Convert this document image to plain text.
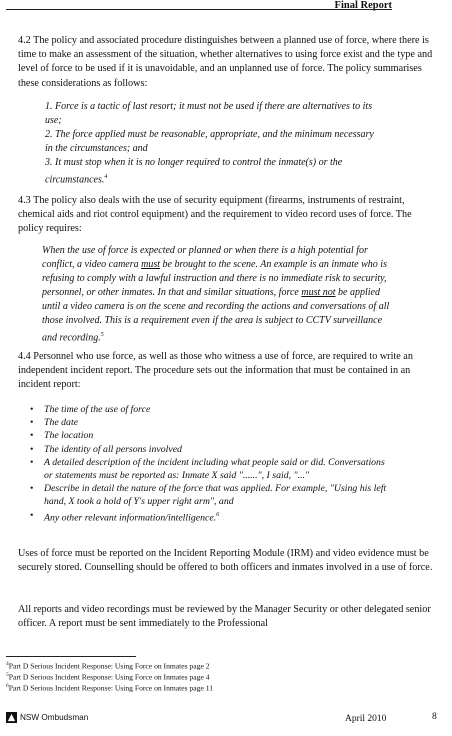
Final Report
4.2 The policy and associated procedure distinguishes between a planned use of force, where there is time to make an assessment of the situation, whether alternatives to using force exist and the type and level of force to be used if it is unavoidable, and an unplanned use of force. The policy summarises these considerations as follows:
1. Force is a tactic of last resort; it must not be used if there are alternatives to its use;
2. The force applied must be reasonable, appropriate, and the minimum necessary in the circumstances; and
3. It must stop when it is no longer required to control the inmate(s) or the circumstances.$^4$
4.3 The policy also deals with the use of security equipment (firearms, instruments of restraint, chemical aids and riot control equipment) and the requirement to video record uses of force. The policy requires:
When the use of force is expected or planned or when there is a high potential for conflict, a video camera must be brought to the scene. An example is an inmate who is refusing to comply with a lawful instruction and there is no immediate risk to security, personnel, or other inmates. In that and similar situations, force must not be applied until a video camera is on the scene and recording the actions and conversations of all those involved. This is a requirement even if the area is subject to CCTV surveillance and recording.$^5$
4.4 Personnel who use force, as well as those who witness a use of force, are required to write an independent incident report. The procedure sets out the information that must be contained in an incident report:
• The time of the use of force
• The date
• The location
• The identity of all persons involved
• A detailed description of the incident including what people said or did. Conversations or statements must be reported as: Inmate X said "......", I said, "..."
• Describe in detail the nature of the force that was applied. For example, "Using his left hand, X took a hold of Y's upper right arm", and
• Any other relevant information/intelligence.$^6$
Uses of force must be reported on the Incident Reporting Module (IRM) and video evidence must be securely stored. Counselling should be offered to both officers and inmates involved in a use of force.
All reports and video recordings must be reviewed by the Manager Security or other delegated senior officer. A report must be sent immediately to the Professional
$^4$Part D Serious Incident Response: Using Force on Inmates page 2
$^5$Part D Serious Incident Response: Using Force on Inmates page 4
$^6$Part D Serious Incident Response: Using Force on Inmates page 11
NSW Ombudsman	April 2010	8
